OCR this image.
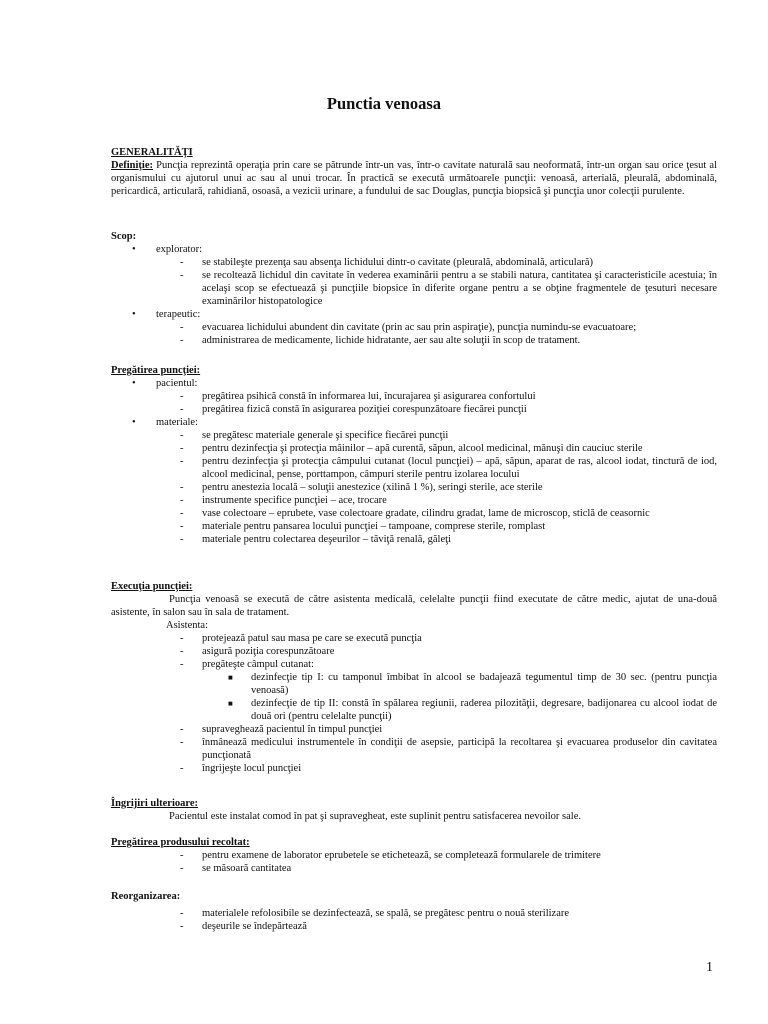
Punctia venoasa
GENERALITĂŢI
Definiţie: Puncţia reprezintă operaţia prin care se pătrunde într-un vas, într-o cavitate naturală sau neoformată, într-un organ sau orice ţesut al organismului cu ajutorul unui ac sau al unui trocar. În practică se execută următoarele puncţii: venoasă, arterială, pleurală, abdominală, pericardică, articulară, rahidiană, osoasă, a vezicii urinare, a fundului de sac Douglas, puncţia biopsică şi puncţia unor colecţii purulente.
Scop:
• explorator:
- se stabileşte prezenţa sau absenţa lichidului dintr-o cavitate (pleurală, abdominală, articulară)
- se recoltează lichidul din cavitate în vederea examinării pentru a se stabili natura, cantitatea şi caracteristicile acestuia; în acelaşi scop se efectuează şi puncţiile biopsice în diferite organe pentru a se obţine fragmentele de ţesuturi necesare examinărilor histopatologice
• terapeutic:
- evacuarea lichidului abundent din cavitate (prin ac sau prin aspiraţie), puncţia numindu-se evacuatoare;
- administrarea de medicamente, lichide hidratante, aer sau alte soluţii în scop de tratament.
Pregătirea puncţiei:
• pacientul:
- pregătirea psihică constă în informarea lui, încurajarea şi asigurarea confortului
- pregătirea fizică constă în asigurarea poziţiei corespunzătoare fiecărei puncţii
• materiale:
- se pregătesc materiale generale şi specifice fiecărei puncţii
- pentru dezinfecţia şi protecţia mâinilor – apă curentă, săpun, alcool medicinal, mănuşi din cauciuc sterile
- pentru dezinfecţia şi protecţia câmpului cutanat (locul puncţiei) – apă, săpun, aparat de ras, alcool iodat, tinctură de iod, alcool medicinal, pense, porttampon, câmpuri sterile pentru izolarea locului
- pentru anestezia locală – soluţii anestezice (xilină 1 %), seringi sterile, ace sterile
- instrumente specifice puncţiei – ace, trocare
- vase colectoare – eprubete, vase colectoare gradate, cilindru gradat, lame de microscop, sticlă de ceasornic
- materiale pentru pansarea locului puncţiei – tampoane, comprese sterile, romplast
- materiale pentru colectarea deşeurilor – tăviţă renală, găleţi
Execuţia puncţiei:
Puncţia venoasă se execută de către asistenta medicală, celelalte puncţii fiind executate de către medic, ajutat de una-două asistente, în salon sau în sala de tratament.
Asistenta:
- protejează patul sau masa pe care se execută puncţia
- asigură poziţia corespunzătoare
- pregăteşte câmpul cutanat:
■ dezinfecţie tip I: cu tamponul îmbibat în alcool se badajează tegumentul timp de 30 sec. (pentru puncţia venoasă)
■ dezinfecţie de tip II: constă în spălarea regiunii, raderea pilozităţii, degresare, badijonarea cu alcool iodat de două ori (pentru celelalte puncţii)
- supraveghează pacientul în timpul puncţiei
- înmânează medicului instrumentele în condiţii de asepsie, participă la recoltarea şi evacuarea produselor din cavitatea puncţionată
- îngrijeşte locul puncţiei
Îngrijiri ulterioare:
Pacientul este instalat comod în pat şi supravegheat, este suplinit pentru satisfacerea nevoilor sale.
Pregătirea produsului recoltat:
- pentru examene de laborator eprubetele se etichetează, se completează formularele de trimitere
- se măsoară cantitatea
Reorganizarea:
- materialele refolosibile se dezinfectează, se spală, se pregătesc pentru o nouă sterilizare
- deşeurile se îndepărtează
1
